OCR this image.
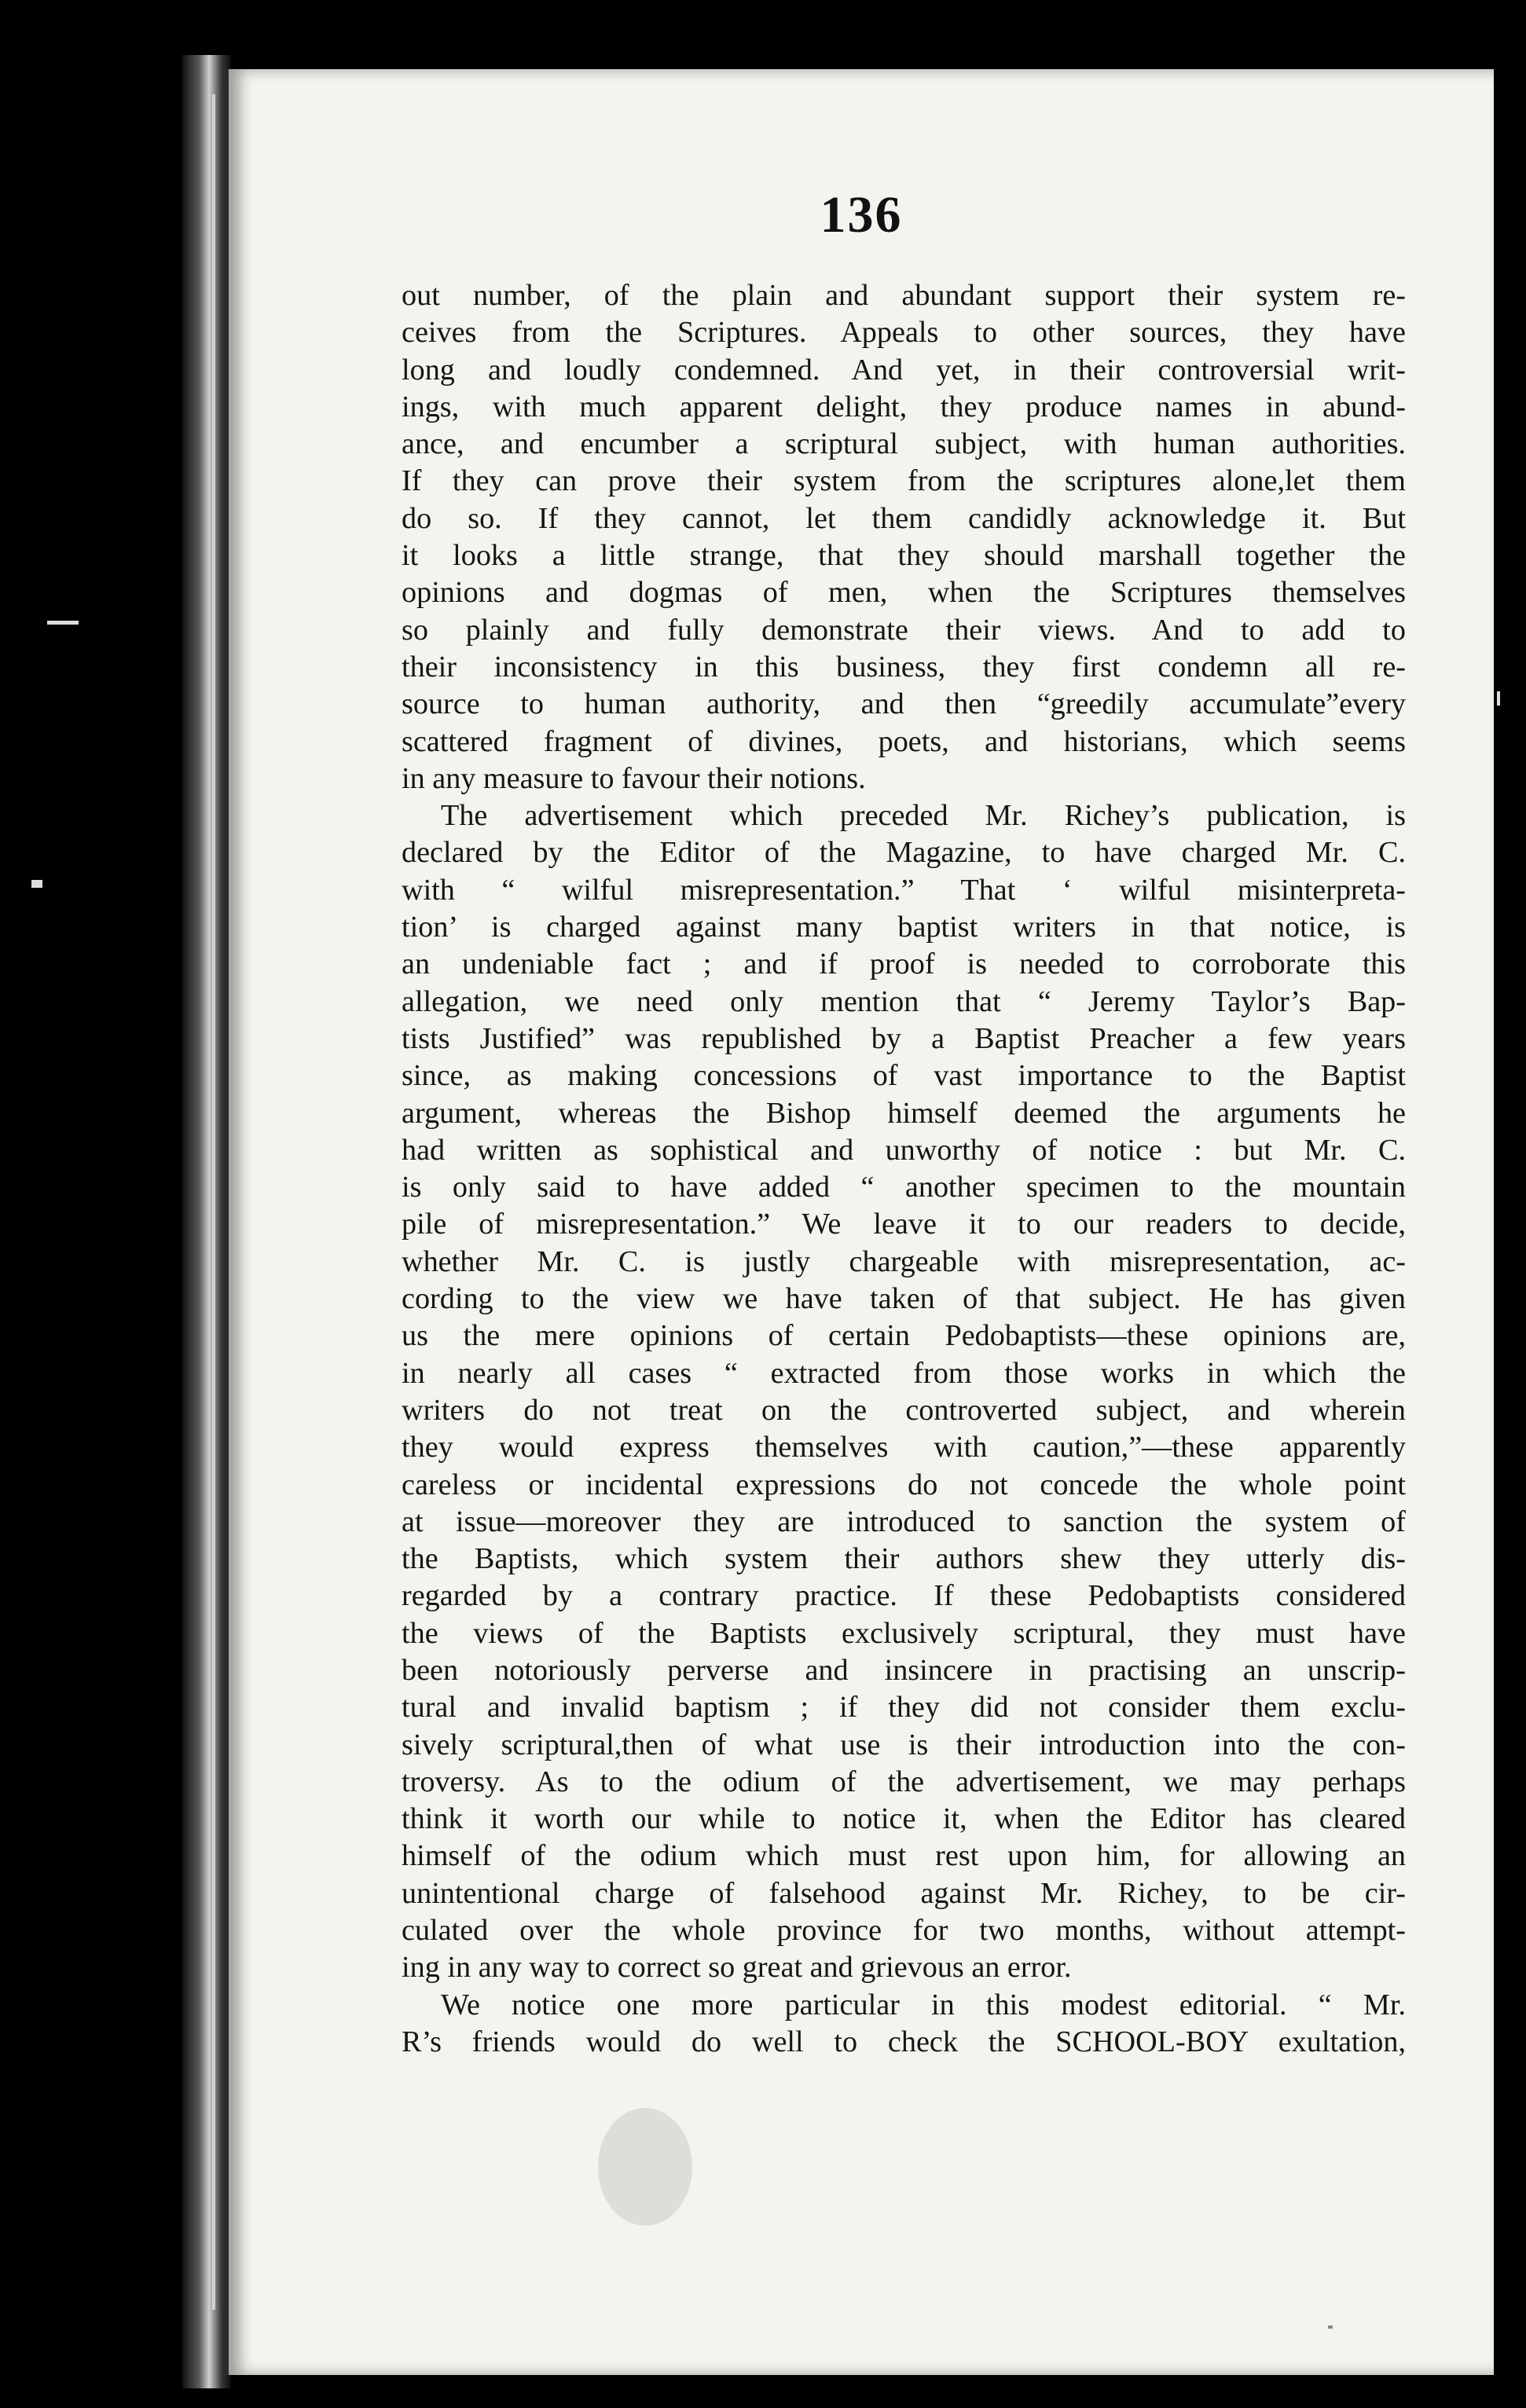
136
out number, of the plain and abundant support their system re-
ceives from the Scriptures. Appeals to other sources, they have
long and loudly condemned. And yet, in their controversial writ-
ings, with much apparent delight, they produce names in abund-
ance, and encumber a scriptural subject, with human authorities.
If they can prove their system from the scriptures alone,let them
do so. If they cannot, let them candidly acknowledge it. But
it looks a little strange, that they should marshall together the
opinions and dogmas of men, when the Scriptures themselves
so plainly and fully demonstrate their views. And to add to
their inconsistency in this business, they first condemn all re-
source to human authority, and then “greedily accumulate”every
scattered fragment of divines, poets, and historians, which seems
in any measure to favour their notions.
The advertisement which preceded Mr. Richey’s publication, is
declared by the Editor of the Magazine, to have charged Mr. C.
with “ wilful misrepresentation.” That ‘ wilful misinterpreta-
tion’ is charged against many baptist writers in that notice, is
an undeniable fact ; and if proof is needed to corroborate this
allegation, we need only mention that “ Jeremy Taylor’s Bap-
tists Justified” was republished by a Baptist Preacher a few years
since, as making concessions of vast importance to the Baptist
argument, whereas the Bishop himself deemed the arguments he
had written as sophistical and unworthy of notice : but Mr. C.
is only said to have added “ another specimen to the mountain
pile of misrepresentation.” We leave it to our readers to decide,
whether Mr. C. is justly chargeable with misrepresentation, ac-
cording to the view we have taken of that subject. He has given
us the mere opinions of certain Pedobaptists—these opinions are,
in nearly all cases “ extracted from those works in which the
writers do not treat on the controverted subject, and wherein
they would express themselves with caution,”—these apparently
careless or incidental expressions do not concede the whole point
at issue—moreover they are introduced to sanction the system of
the Baptists, which system their authors shew they utterly dis-
regarded by a contrary practice. If these Pedobaptists considered
the views of the Baptists exclusively scriptural, they must have
been notoriously perverse and insincere in practising an unscrip-
tural and invalid baptism ; if they did not consider them exclu-
sively scriptural,then of what use is their introduction into the con-
troversy. As to the odium of the advertisement, we may perhaps
think it worth our while to notice it, when the Editor has cleared
himself of the odium which must rest upon him, for allowing an
unintentional charge of falsehood against Mr. Richey, to be cir-
culated over the whole province for two months, without attempt-
ing in any way to correct so great and grievous an error.
We notice one more particular in this modest editorial. “ Mr.
R’s friends would do well to check the SCHOOL-BOY exultation,
